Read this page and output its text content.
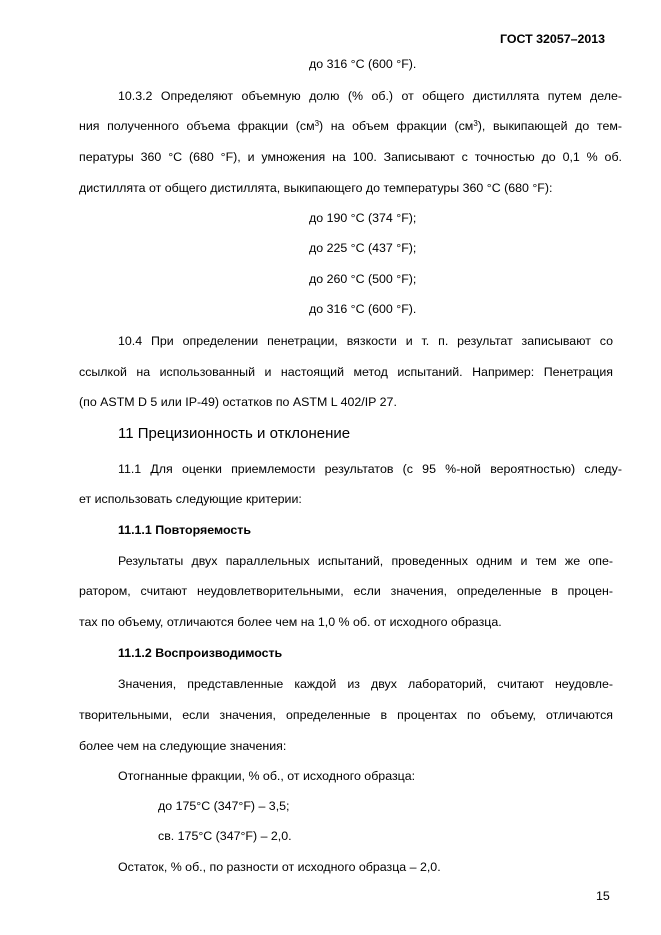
ГОСТ 32057–2013
до 316 °С (600 °F).
10.3.2 Определяют объемную долю (% об.) от общего дистиллята путем деле-
ния полученного объема фракции $(см^3)$ на объем фракции $(см^3)$, выкипающей до тем-
пературы 360 °С (680 °F), и умножения на 100. Записывают с точностью до 0,1 % об.
дистиллята от общего дистиллята, выкипающего до температуры 360 °С (680 °F):
до 190 °С (374 °F);
до 225 °С (437 °F);
до 260 °С (500 °F);
до 316 °С (600 °F).
10.4 При определении пенетрации, вязкости и т. п. результат записывают со
ссылкой на использованный и настоящий метод испытаний. Например: Пенетрация
(по ASTM D 5 или IP-49) остатков по ASTM L 402/IP 27.
11 Прецизионность и отклонение
11.1 Для оценки приемлемости результатов (с 95 %-ной вероятностью) следу-
ет использовать следующие критерии:
11.1.1 Повторяемость
Результаты двух параллельных испытаний, проведенных одним и тем же опе-
ратором, считают неудовлетворительными, если значения, определенные в процен-
тах по объему, отличаются более чем на 1,0 % об. от исходного образца.
11.1.2 Воспроизводимость
Значения, представленные каждой из двух лабораторий, считают неудовле-
творительными, если значения, определенные в процентах по объему, отличаются
более чем на следующие значения:
Отогнанные фракции, % об., от исходного образца:
до 175°С (347°F) – 3,5;
св. 175°С (347°F) – 2,0.
Остаток, % об., по разности от исходного образца – 2,0.
15
